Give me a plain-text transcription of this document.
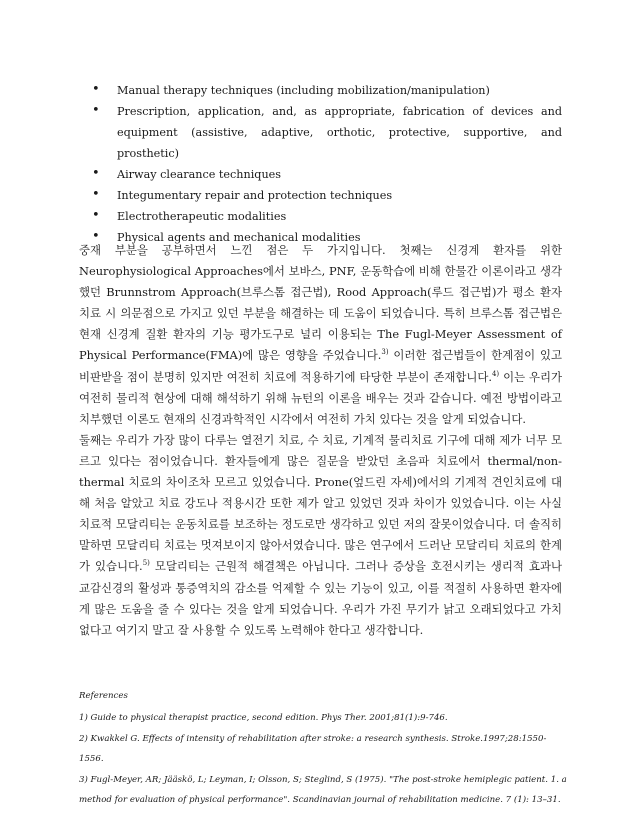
• Manual therapy techniques (including mobilization/manipulation)
• Prescription, application, and, as appropriate, fabrication of devices and equipment (assistive, adaptive, orthotic, protective, supportive, and prosthetic)
• Airway clearance techniques
• Integumentary repair and protection techniques
• Electrotherapeutic modalities
• Physical agents and mechanical modalities

중재 부분을 공부하면서 느낀 점은 두 가지입니다. 첫째는 신경계 환자를 위한 Neurophysiological Approaches에서 보바스, PNF, 운동학습에 비해 한물간 이론이라고 생각했던 Brunnstrom Approach(브루스톰 접근법), Rood Approach(루드 접근법)가 평소 환자 치료 시 의문점으로 가지고 있던 부분을 해결하는 데 도움이 되었습니다. 특히 브루스톰 접근법은 현재 신경계 질환 환자의 기능 평가도구로 널리 이용되는 The Fugl-Meyer Assessment of Physical Performance(FMA)에 많은 영향을 주었습니다.$^{3)}$ 이러한 접근법들이 한계점이 있고 비판받을 점이 분명히 있지만 여전히 치료에 적용하기에 타당한 부분이 존재합니다.$^{4)}$ 이는 우리가 여전히 물리적 현상에 대해 해석하기 위해 뉴턴의 이론을 배우는 것과 같습니다. 예전 방법이라고 치부했던 이론도 현재의 신경과학적인 시각에서 여전히 가치 있다는 것을 알게 되었습니다.

둘째는 우리가 가장 많이 다루는 열전기 치료, 수 치료, 기계적 물리치료 기구에 대해 제가 너무 모르고 있다는 점이었습니다. 환자들에게 많은 질문을 받았던 초음파 치료에서 thermal/non-thermal 치료의 차이조차 모르고 있었습니다. Prone(엎드린 자세)에서의 기계적 견인치료에 대해 처음 알았고 치료 강도나 적용시간 또한 제가 알고 있었던 것과 차이가 있었습니다. 이는 사실 치료적 모달리티는 운동치료를 보조하는 정도로만 생각하고 있던 저의 잘못이었습니다. 더 솔직히 말하면 모달리티 치료는 멋져보이지 않아서였습니다. 많은 연구에서 드러난 모달리티 치료의 한계가 있습니다.$^{5)}$ 모달리티는 근원적 해결책은 아닙니다. 그러나 증상을 호전시키는 생리적 효과나 교감신경의 활성과 통증역치의 감소를 억제할 수 있는 기능이 있고, 이를 적절히 사용하면 환자에게 많은 도움을 줄 수 있다는 것을 알게 되었습니다. 우리가 가진 무기가 낡고 오래되었다고 가치없다고 여기지 말고 잘 사용할 수 있도록 노력해야 한다고 생각합니다.

References

1) Guide to physical therapist practice, second edition. Phys Ther. 2001;81(1):9-746.

2) Kwakkel G. Effects of intensity of rehabilitation after stroke: a research synthesis. Stroke.1997;28:1550-1556.

3) Fugl-Meyer, AR; Jääskö, L; Leyman, I; Olsson, S; Steglind, S (1975). "The post-stroke hemiplegic patient. 1. a method for evaluation of physical performance". Scandinavian journal of rehabilitation medicine. 7 (1): 13–31.
